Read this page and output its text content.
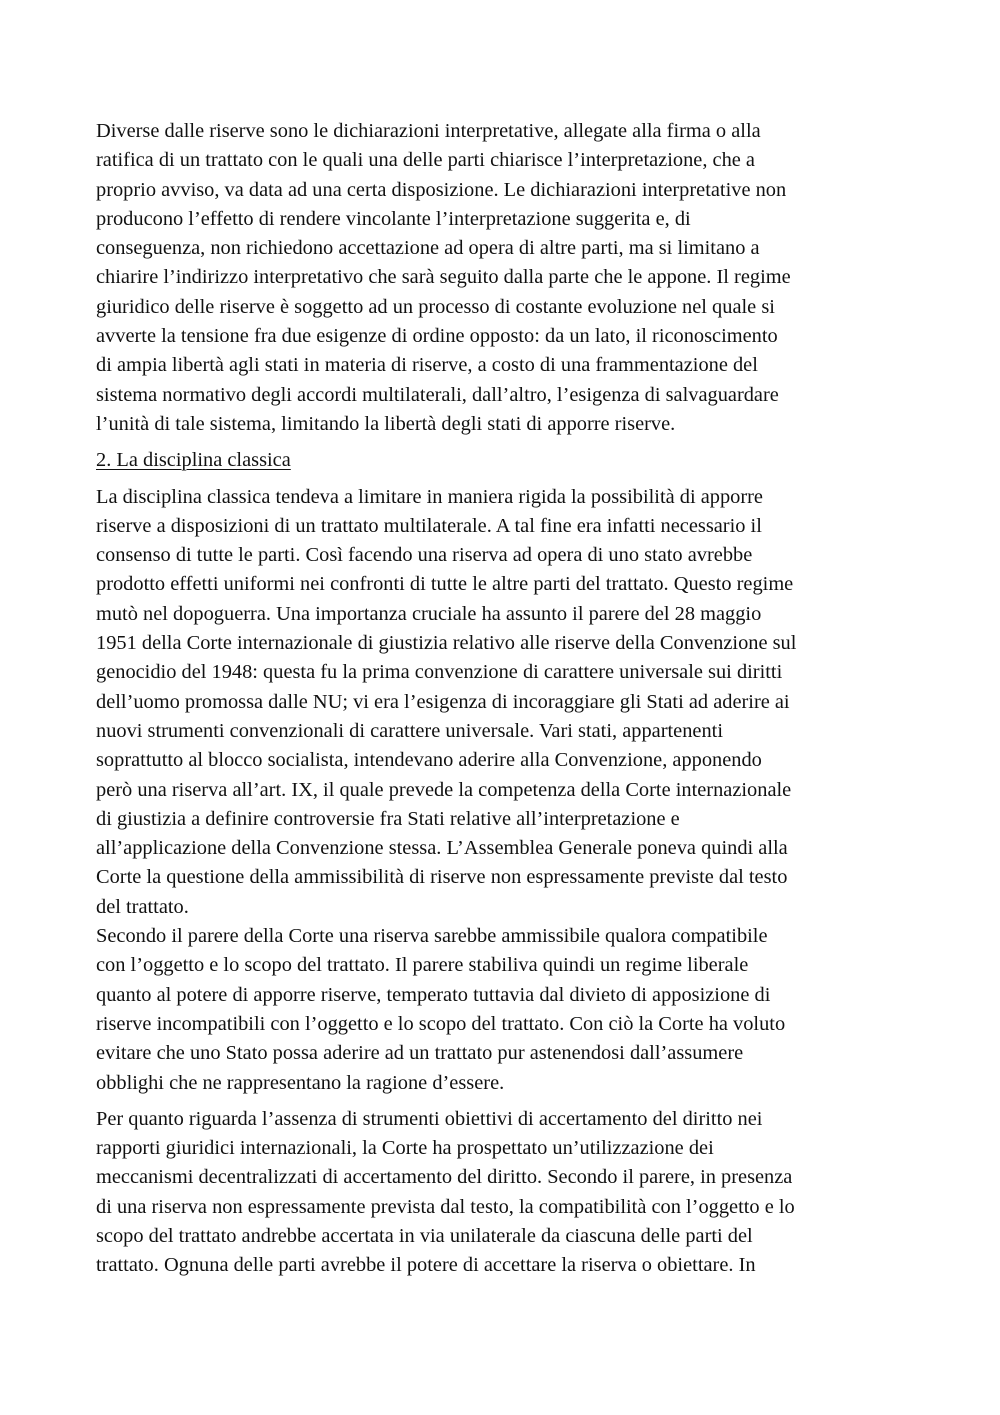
Diverse dalle riserve sono le dichiarazioni interpretative, allegate alla firma o alla
ratifica di un trattato con le quali una delle parti chiarisce l’interpretazione, che a
proprio avviso, va data ad una certa disposizione. Le dichiarazioni interpretative non
producono l’effetto di rendere vincolante l’interpretazione suggerita e, di
conseguenza, non richiedono accettazione ad opera di altre parti, ma si limitano a
chiarire l’indirizzo interpretativo che sarà seguito dalla parte che le appone. Il regime
giuridico delle riserve è soggetto ad un processo di costante evoluzione nel quale si
avverte la tensione fra due esigenze di ordine opposto: da un lato, il riconoscimento
di ampia libertà agli stati in materia di riserve, a costo di una frammentazione del
sistema normativo degli accordi multilaterali, dall’altro, l’esigenza di salvaguardare
l’unità di tale sistema, limitando la libertà degli stati di apporre riserve.

2. La disciplina classica

La disciplina classica tendeva a limitare in maniera rigida la possibilità di apporre
riserve a disposizioni di un trattato multilaterale. A tal fine era infatti necessario il
consenso di tutte le parti. Così facendo una riserva ad opera di uno stato avrebbe
prodotto effetti uniformi nei confronti di tutte le altre parti del trattato. Questo regime
mutò nel dopoguerra. Una importanza cruciale ha assunto il parere del 28 maggio
1951 della Corte internazionale di giustizia relativo alle riserve della Convenzione sul
genocidio del 1948: questa fu la prima convenzione di carattere universale sui diritti
dell’uomo promossa dalle NU; vi era l’esigenza di incoraggiare gli Stati ad aderire ai
nuovi strumenti convenzionali di carattere universale. Vari stati, appartenenti
soprattutto al blocco socialista, intendevano aderire alla Convenzione, apponendo
però una riserva all’art. IX, il quale prevede la competenza della Corte internazionale
di giustizia a definire controversie fra Stati relative all’interpretazione e
all’applicazione della Convenzione stessa. L’Assemblea Generale poneva quindi alla
Corte la questione della ammissibilità di riserve non espressamente previste dal testo
del trattato.

Secondo il parere della Corte una riserva sarebbe ammissibile qualora compatibile
con l’oggetto e lo scopo del trattato. Il parere stabiliva quindi un regime liberale
quanto al potere di apporre riserve, temperato tuttavia dal divieto di apposizione di
riserve incompatibili con l’oggetto e lo scopo del trattato. Con ciò la Corte ha voluto
evitare che uno Stato possa aderire ad un trattato pur astenendosi dall’assumere
obblighi che ne rappresentano la ragione d’essere.

Per quanto riguarda l’assenza di strumenti obiettivi di accertamento del diritto nei
rapporti giuridici internazionali, la Corte ha prospettato un’utilizzazione dei
meccanismi decentralizzati di accertamento del diritto. Secondo il parere, in presenza
di una riserva non espressamente prevista dal testo, la compatibilità con l’oggetto e lo
scopo del trattato andrebbe accertata in via unilaterale da ciascuna delle parti del
trattato. Ognuna delle parti avrebbe il potere di accettare la riserva o obiettare. In
